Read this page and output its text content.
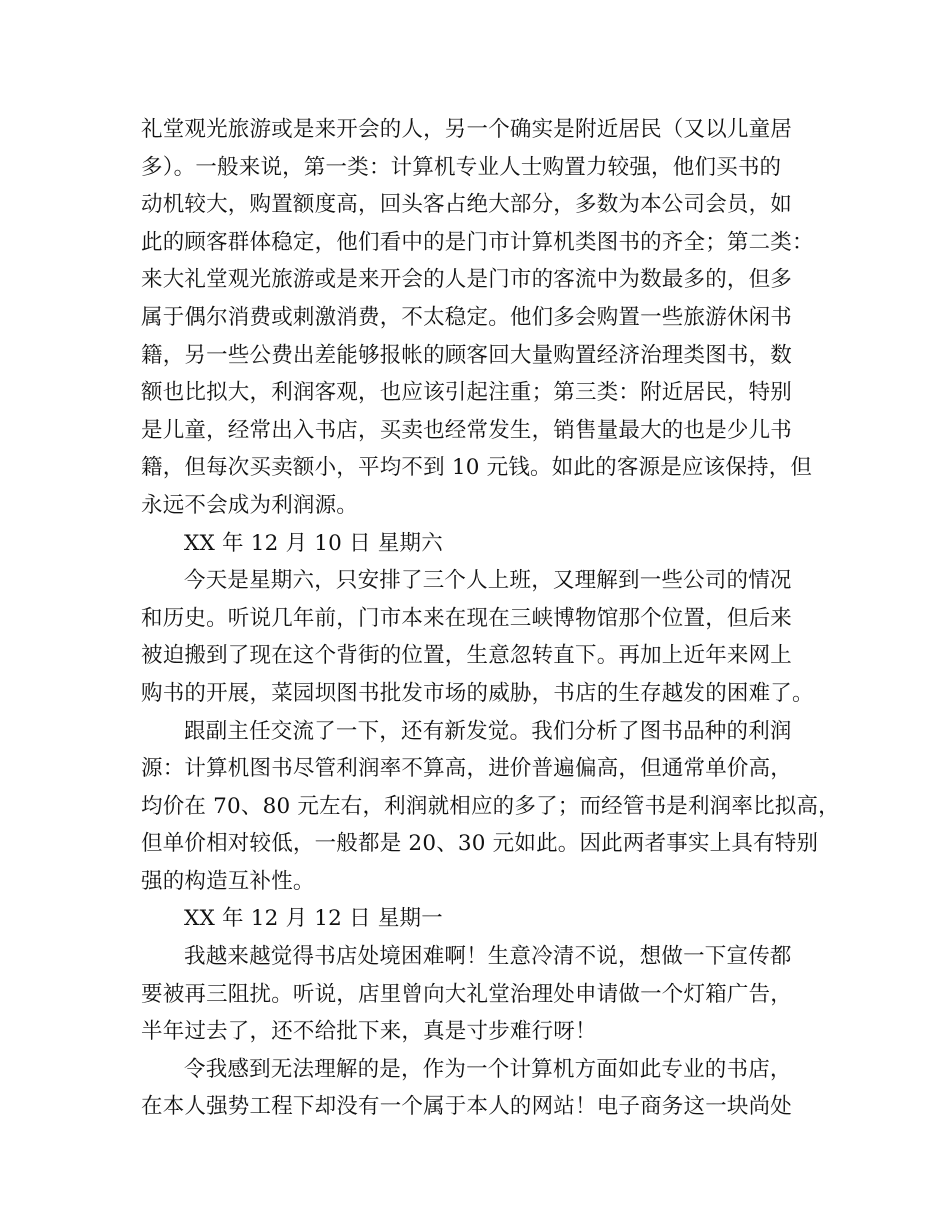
礼堂观光旅游或是来开会的人，另一个确实是附近居民（又以儿童居
多）。一般来说，第一类：计算机专业人士购置力较强，他们买书的
动机较大，购置额度高，回头客占绝大部分，多数为本公司会员，如
此的顾客群体稳定，他们看中的是门市计算机类图书的齐全；第二类：
来大礼堂观光旅游或是来开会的人是门市的客流中为数最多的，但多
属于偶尔消费或刺激消费，不太稳定。他们多会购置一些旅游休闲书
籍，另一些公费出差能够报帐的顾客回大量购置经济治理类图书，数
额也比拟大，利润客观，也应该引起注重；第三类：附近居民，特别
是儿童，经常出入书店，买卖也经常发生，销售量最大的也是少儿书
籍，但每次买卖额小，平均不到 10 元钱。如此的客源是应该保持，但
永远不会成为利润源。
XX 年 12 月 10 日 星期六
今天是星期六，只安排了三个人上班，又理解到一些公司的情况
和历史。听说几年前，门市本来在现在三峡博物馆那个位置，但后来
被迫搬到了现在这个背街的位置，生意忽转直下。再加上近年来网上
购书的开展，菜园坝图书批发市场的威胁，书店的生存越发的困难了。
跟副主任交流了一下，还有新发觉。我们分析了图书品种的利润
源：计算机图书尽管利润率不算高，进价普遍偏高，但通常单价高，
均价在 70、80 元左右，利润就相应的多了；而经管书是利润率比拟高，
但单价相对较低，一般都是 20、30 元如此。因此两者事实上具有特别
强的构造互补性。
XX 年 12 月 12 日 星期一
我越来越觉得书店处境困难啊！生意冷清不说，想做一下宣传都
要被再三阻扰。听说，店里曾向大礼堂治理处申请做一个灯箱广告，
半年过去了，还不给批下来，真是寸步难行呀！
令我感到无法理解的是，作为一个计算机方面如此专业的书店，
在本人强势工程下却没有一个属于本人的网站！电子商务这一块尚处
